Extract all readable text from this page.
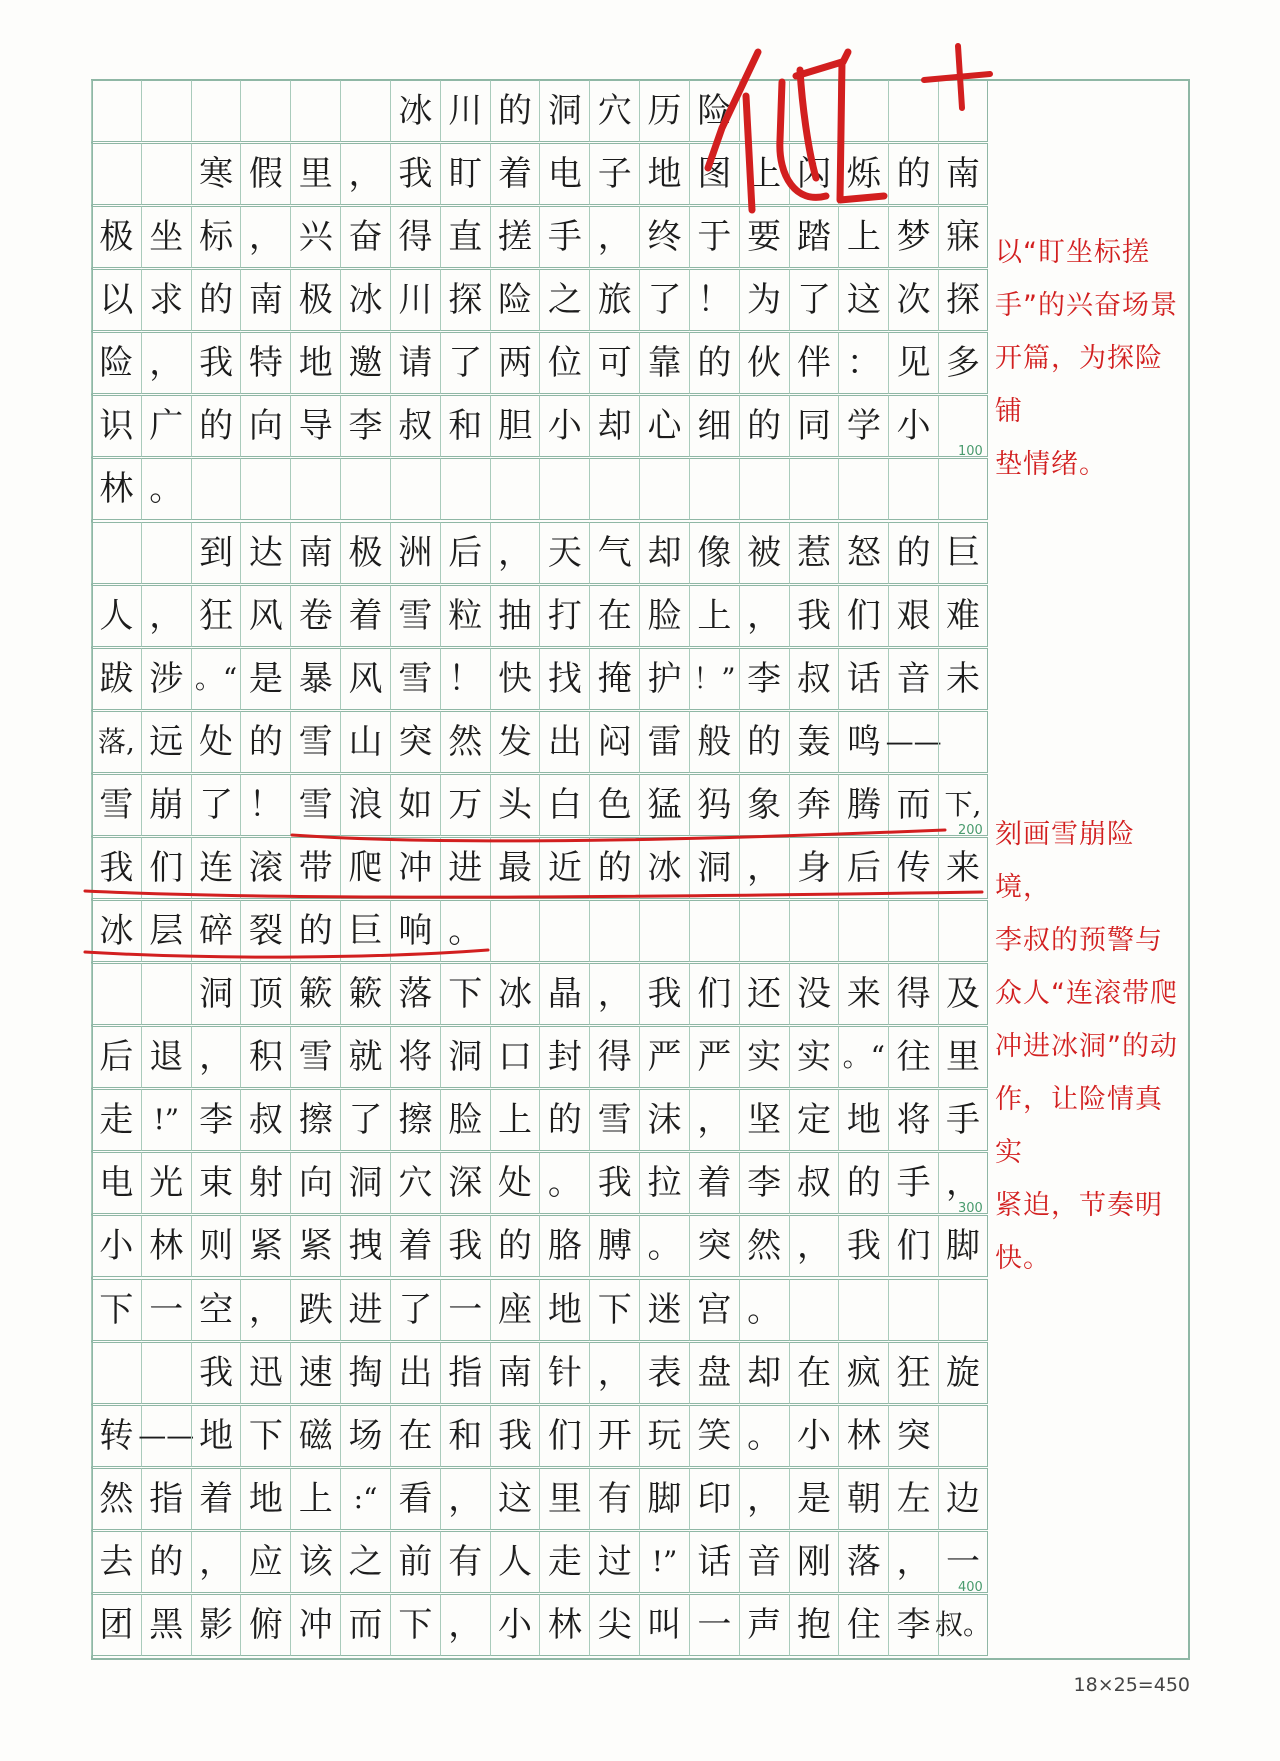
冰 川 的 洞 穴 历 险
寒 假 里 ， 我 盯 着 电 子 地 图 上 闪 烁 的 南
极 坐 标 ， 兴 奋 得 直 搓 手 ， 终 于 要 踏 上 梦 寐
以 求 的 南 极 冰 川 探 险 之 旅 了 ！ 为 了 这 次 探
险 ， 我 特 地 邀 请 了 两 位 可 靠 的 伙 伴 ： 见 多
识 广 的 向 导 李 叔 和 胆 小 却 心 细 的 同 学 小
林 。
到 达 南 极 洲 后 ， 天 气 却 像 被 惹 怒 的 巨
人 ， 狂 风 卷 着 雪 粒 抽 打 在 脸 上 ， 我 们 艰 难
跋 涉 。“ 是 暴 风 雪 ！ 快 找 掩 护 ！” 李 叔 话 音 未
落, 远 处 的 雪 山 突 然 发 出 闷 雷 般 的 轰 鸣 ——
雪 崩 了 ！ 雪 浪 如 万 头 白 色 猛 犸 象 奔 腾 而 下,
我 们 连 滚 带 爬 冲 进 最 近 的 冰 洞 ， 身 后 传 来
冰 层 碎 裂 的 巨 响 。
洞 顶 簌 簌 落 下 冰 晶 ， 我 们 还 没 来 得 及
后 退 ， 积 雪 就 将 洞 口 封 得 严 严 实 实 。“ 往 里
走 !” 李 叔 擦 了 擦 脸 上 的 雪 沫 ， 坚 定 地 将 手
电 光 束 射 向 洞 穴 深 处 。 我 拉 着 李 叔 的 手 ，
小 林 则 紧 紧 拽 着 我 的 胳 膊 。 突 然 ， 我 们 脚
下 一 空 ， 跌 进 了 一 座 地 下 迷 宫 。
我 迅 速 掏 出 指 南 针 ， 表 盘 却 在 疯 狂 旋
转 —— 地 下 磁 场 在 和 我 们 开 玩 笑 。 小 林 突
然 指 着 地 上 :“ 看 ， 这 里 有 脚 印 ， 是 朝 左 边
去 的 ， 应 该 之 前 有 人 走 过 !” 话 音 刚 落 ， 一
团 黑 影 俯 冲 而 下 ， 小 林 尖 叫 一 声 抱 住 李 叔。
以“盯坐标搓
手”的兴奋场景
开篇，为探险铺
垫情绪。
刻画雪崩险境，
李叔的预警与
众人“连滚带爬
冲进冰洞”的动
作，让险情真实
紧迫，节奏明
快。
18×25=450
100
200
300
400
